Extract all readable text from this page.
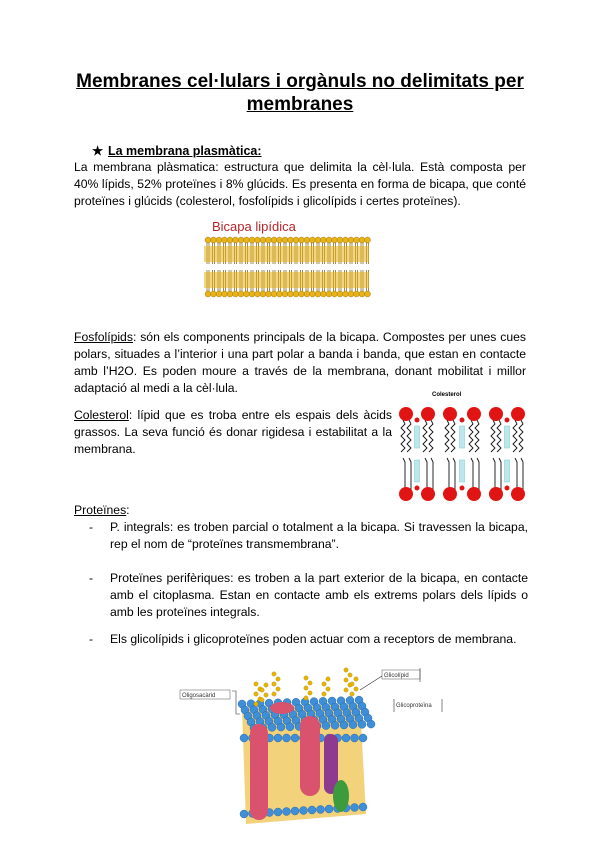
Membranes cel·lulars i orgànuls no delimitats per membranes
★ La membrana plasmàtica:
La membrana plàsmatica: estructura que delimita la cèl·lula. Està composta per 40% lípids, 52% proteïnes i 8% glúcids. Es presenta en forma de bicapa, que conté proteïnes i glúcids (colesterol, fosfolípids i glicolípids i certes proteïnes).
Bicapa lipídica
Fosfolípids: són els components principals de la bicapa. Compostes per unes cues polars, situades a l’interior i una part polar a banda i banda, que estan en contacte amb l’H2O. Es poden moure a través de la membrana, donant mobilitat i millor adaptació al medi a la cèl·lula.
Colesterol: lípid que es troba entre els espais dels àcids grassos. La seva funció és donar rigidesa i estabilitat a la membrana.
Colesterol
Proteïnes:
- P. integrals: es troben parcial o totalment a la bicapa. Si travessen la bicapa, rep el nom de “proteïnes transmembrana”.
- Proteïnes perifèriques: es troben a la part exterior de la bicapa, en contacte amb el citoplasma. Estan en contacte amb els extrems polars dels lípids o amb les proteïnes integrals.
- Els glicolípids i glicoproteïnes poden actuar com a receptors de membrana.
Oligosacàrid
Glicolípid
Glicoproteïna
